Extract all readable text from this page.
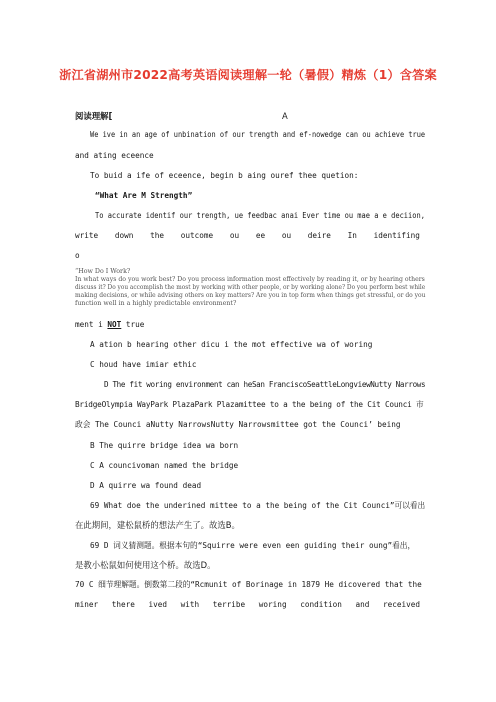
浙江省湖州市2022高考英语阅读理解一轮（暑假）精炼（1）含答案
阅读理解[	A
We ive in an age of unbination of our trength and ef-nowedge can ou achieve true
and ating eceence
To buid a ife of eceence, begin b aing ouref thee quetion:
“What Are M Strength”
To accurate identif our trength, ue feedbac anai Ever time ou mae a e deciion,
write down the outcome ou ee ou deire In identifing
o
“How Do I Work?
In what ways do you work best? Do you process information most effectively by reading it, or by hearing others
discuss it? Do you accomplish the most by working with other people, or by working alone? Do you perform best while
making decisions, or while advising others on key matters? Are you in top form when things get stressful, or do you
function well in a highly predictable environment?
ment i NOT true
A ation b hearing other dicu i the mot effective wa of woring
C houd have imiar ethic
D The fit woring environment can heSan FranciscoSeattleLongviewNutty Narrows
BridgeOlympia WayPark PlazaPark Plazamittee to a the being of the Cit Counci 市
政会 The Counci aNutty NarrowsNutty Narrowsmittee got the Counci’ being
B The quirre bridge idea wa born
C A councivoman named the bridge
D A quirre wa found dead
69 What doe the underined mittee to a the being of the Cit Counci”可以看出
在此期间，建松鼠桥的想法产生了。故选B。
69 D 词义猜测题。根据本句的“Squirre were even een guiding their oung”看出，
是教小松鼠如何使用这个桥。故选D。
70 C 细节理解题。倒数第二段的“Rcmunit of Borinage in 1879 He dicovered that the
miner there ived with terribe woring condition and received
